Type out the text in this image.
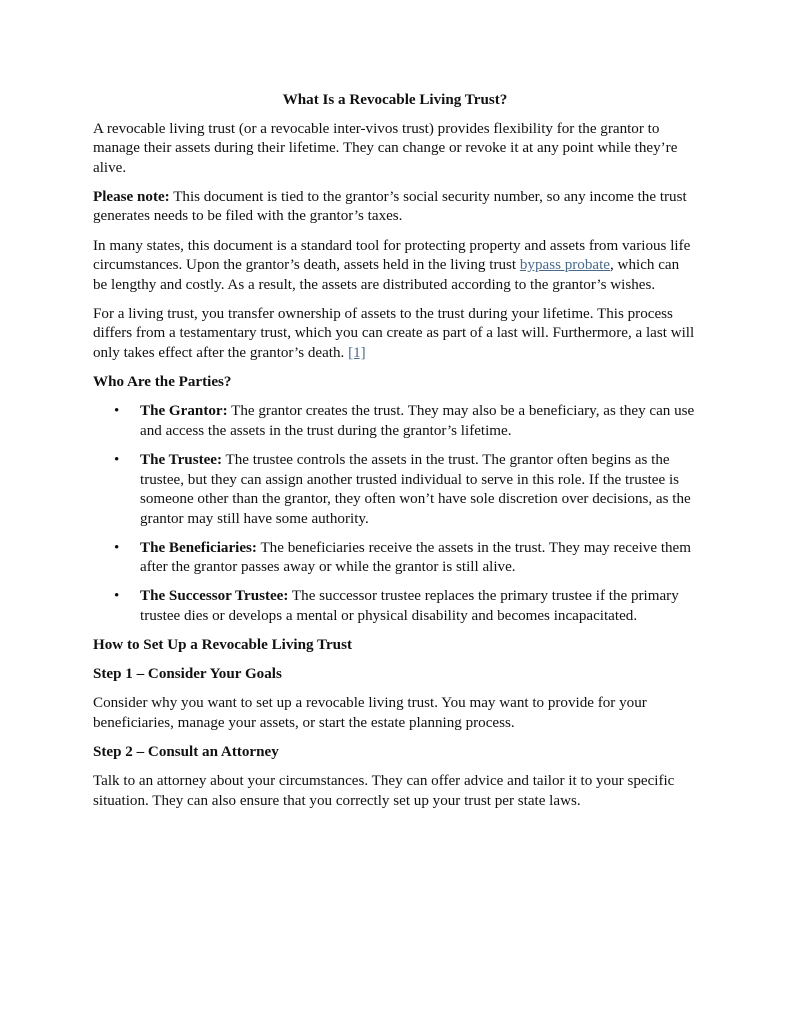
What Is a Revocable Living Trust?

A revocable living trust (or a revocable inter-vivos trust) provides flexibility for the grantor to manage their assets during their lifetime. They can change or revoke it at any point while they’re alive.

Please note: This document is tied to the grantor’s social security number, so any income the trust generates needs to be filed with the grantor’s taxes.

In many states, this document is a standard tool for protecting property and assets from various life circumstances. Upon the grantor’s death, assets held in the living trust bypass probate, which can be lengthy and costly. As a result, the assets are distributed according to the grantor’s wishes.

For a living trust, you transfer ownership of assets to the trust during your lifetime. This process differs from a testamentary trust, which you can create as part of a last will. Furthermore, a last will only takes effect after the grantor’s death. [1]

Who Are the Parties?
• The Grantor: The grantor creates the trust. They may also be a beneficiary, as they can use and access the assets in the trust during the grantor’s lifetime.
• The Trustee: The trustee controls the assets in the trust. The grantor often begins as the trustee, but they can assign another trusted individual to serve in this role. If the trustee is someone other than the grantor, they often won’t have sole discretion over decisions, as the grantor may still have some authority.
• The Beneficiaries: The beneficiaries receive the assets in the trust. They may receive them after the grantor passes away or while the grantor is still alive.
• The Successor Trustee: The successor trustee replaces the primary trustee if the primary trustee dies or develops a mental or physical disability and becomes incapacitated.
How to Set Up a Revocable Living Trust
Step 1 – Consider Your Goals

Consider why you want to set up a revocable living trust. You may want to provide for your beneficiaries, manage your assets, or start the estate planning process.

Step 2 – Consult an Attorney

Talk to an attorney about your circumstances. They can offer advice and tailor it to your specific situation. They can also ensure that you correctly set up your trust per state laws.
